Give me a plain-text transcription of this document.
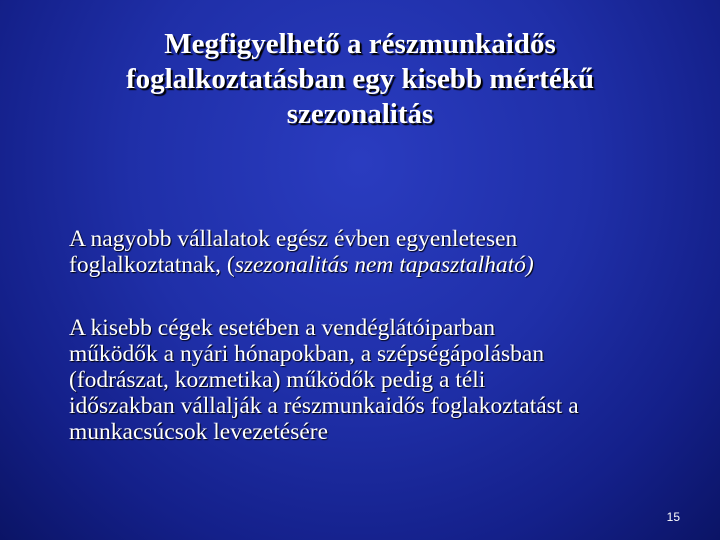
Megfigyelhető a részmunkaidős
foglalkoztatásban egy kisebb mértékű
szezonalitás
A nagyobb vállalatok egész évben egyenletesen
foglalkoztatnak, (szezonalitás nem tapasztalható)
A kisebb cégek esetében a vendéglátóiparban
működők a nyári hónapokban, a szépségápolásban
(fodrászat, kozmetika) működők pedig a téli
időszakban vállalják a részmunkaidős foglakoztatást a
munkacsúcsok levezetésére
15
